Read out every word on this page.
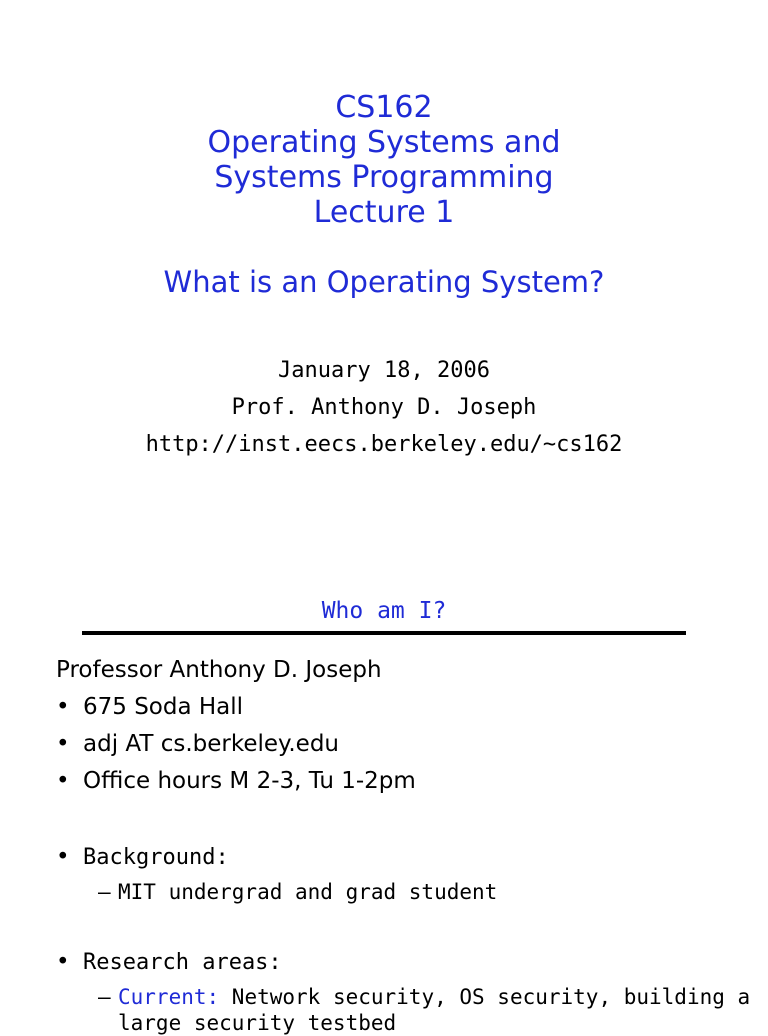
CS162
Operating Systems and
Systems Programming
Lecture 1
What is an Operating System?
January 18, 2006
Prof. Anthony D. Joseph
http://inst.eecs.berkeley.edu/~cs162
Who am I?
Professor Anthony D. Joseph
• 675 Soda Hall
• adj AT cs.berkeley.edu
• Office hours M 2-3, Tu 1-2pm
• Background:
– MIT undergrad and grad student
• Research areas:
– Current: Network security, OS security, building a
large security testbed
